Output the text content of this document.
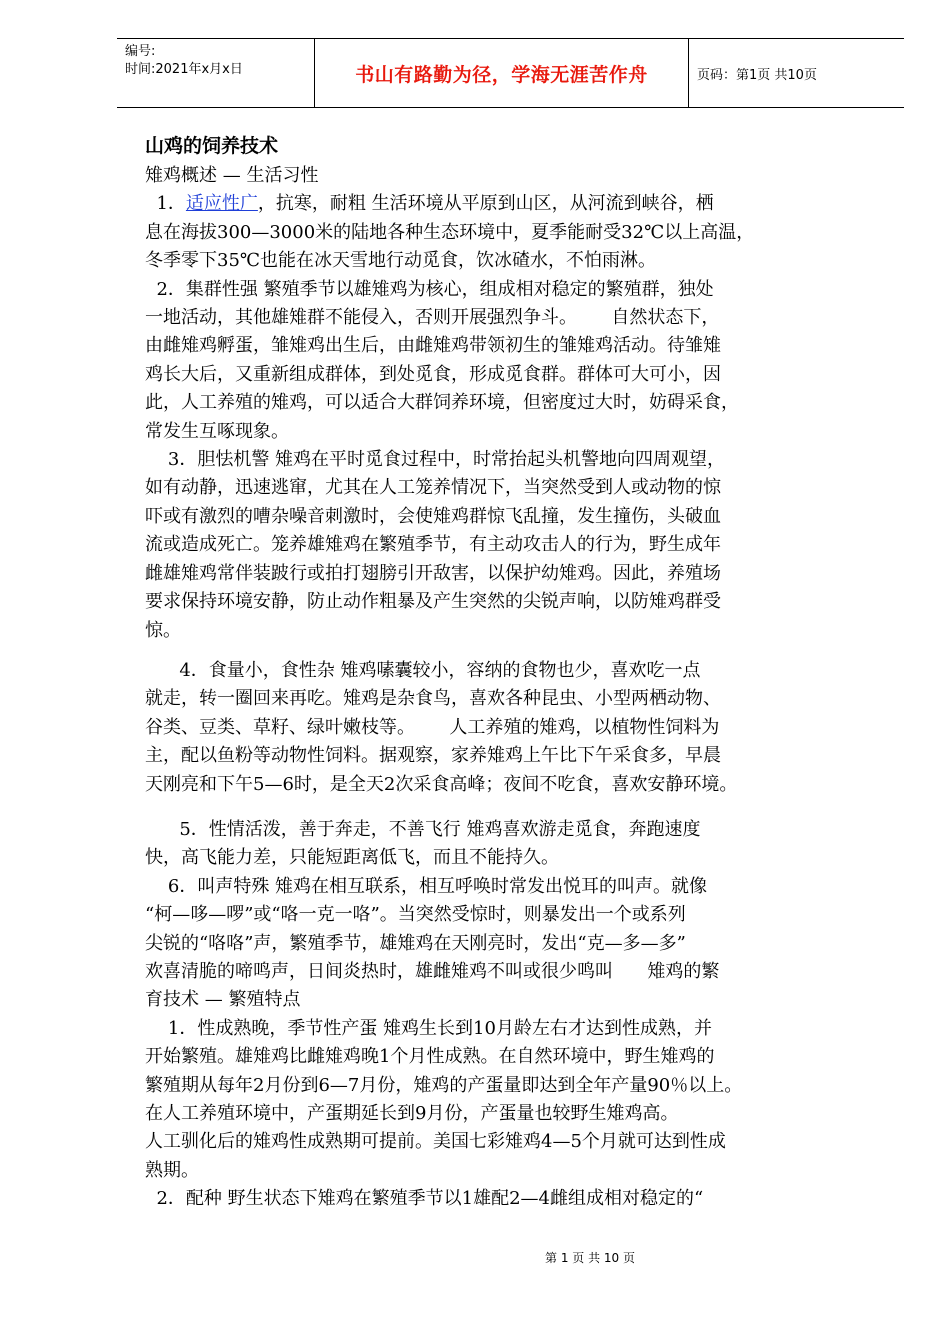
编号:
时间:2021年x月x日	书山有路勤为径，学海无涯苦作舟	页码：第1页 共10页
山鸡的饲养技术
雉鸡概述 — 生活习性
1．适应性广，抗寒，耐粗 生活环境从平原到山区，从河流到峡谷，栖
息在海拔300—3000米的陆地各种生态环境中，夏季能耐受32℃以上高温，
冬季零下35℃也能在冰天雪地行动觅食，饮冰碴水，不怕雨淋。
2．集群性强 繁殖季节以雄雉鸡为核心，组成相对稳定的繁殖群，独处
一地活动，其他雄雉群不能侵入，否则开展强烈争斗。      自然状态下，
由雌雉鸡孵蛋，雏雉鸡出生后，由雌雉鸡带领初生的雏雉鸡活动。待雏雉
鸡长大后，又重新组成群体，到处觅食，形成觅食群。群体可大可小，因
此，人工养殖的雉鸡，可以适合大群饲养环境，但密度过大时，妨碍采食，
常发生互啄现象。
3．胆怯机警 雉鸡在平时觅食过程中，时常抬起头机警地向四周观望，
如有动静，迅速逃窜，尤其在人工笼养情况下，当突然受到人或动物的惊
吓或有激烈的嘈杂噪音刺激时，会使雉鸡群惊飞乱撞，发生撞伤，头破血
流或造成死亡。笼养雄雉鸡在繁殖季节，有主动攻击人的行为，野生成年
雌雄雉鸡常伴装跛行或拍打翅膀引开敌害，以保护幼雉鸡。因此，养殖场
要求保持环境安静，防止动作粗暴及产生突然的尖锐声响，以防雉鸡群受
惊。
4．食量小，食性杂 雉鸡嗉囊较小，容纳的食物也少，喜欢吃一点
就走，转一圈回来再吃。雉鸡是杂食鸟，喜欢各种昆虫、小型两栖动物、
谷类、豆类、草籽、绿叶嫩枝等。      人工养殖的雉鸡，以植物性饲料为
主，配以鱼粉等动物性饲料。据观察，家养雉鸡上午比下午采食多，早晨
天刚亮和下午5—6时，是全天2次采食高峰；夜间不吃食，喜欢安静环境。
5．性情活泼，善于奔走，不善飞行 雉鸡喜欢游走觅食，奔跑速度
快，高飞能力差，只能短距离低飞，而且不能持久。
6．叫声特殊 雉鸡在相互联系，相互呼唤时常发出悦耳的叫声。就像
“柯—哆—啰”或“咯一克一咯”。当突然受惊时，则暴发出一个或系列
尖锐的“咯咯”声，繁殖季节，雄雉鸡在天刚亮时，发出“克—多—多”
欢喜清脆的啼鸣声，日间炎热时，雄雌雉鸡不叫或很少鸣叫      雉鸡的繁
育技术 — 繁殖特点
1．性成熟晚，季节性产蛋 雉鸡生长到10月龄左右才达到性成熟，并
开始繁殖。雄雉鸡比雌雉鸡晚1个月性成熟。在自然环境中，野生雉鸡的
繁殖期从每年2月份到6—7月份，雉鸡的产蛋量即达到全年产量90％以上。
在人工养殖环境中，产蛋期延长到9月份，产蛋量也较野生雉鸡高。
人工驯化后的雉鸡性成熟期可提前。美国七彩雉鸡4—5个月就可达到性成
熟期。
2．配种 野生状态下雉鸡在繁殖季节以1雄配2—4雌组成相对稳定的“
第 1 页 共 10 页
